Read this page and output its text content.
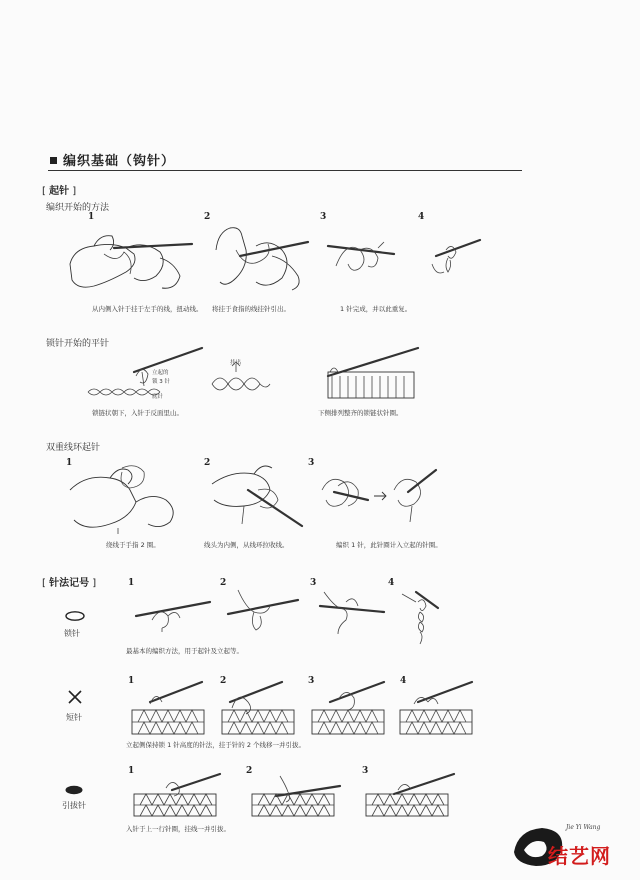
编织基础（钩针）
[ 起针 ]
编织开始的方法
1	2	3	4
从内侧入针于挂于左手的线，扭动线。 将挂于食指的线挂针引出。	1 针完成，并以此重复。
锁针开始的平针
立起的
锁 3 针
底针
挂出
锁链状朝下，入针于反面里山。	下侧排列整齐的锁链状针圈。
双重线环起针
1	2	3
绕线于手指 2 圈。	线头为内侧，从线环拉收线。	编织 1 针，此针圈计入立起的针圈。
[ 针法记号 ]
锁针
1	2	3	4
最基本的编织方法，用于起针及立起等。
短针
1	2	3	4
立起侧保持锁 1 针高度的针法，挂于针的 2 个线移一并引拔。
引拔针
1	2	3
入针于上一行针圈，挂线一并引拔。	Jie Yi Wang
结艺网
